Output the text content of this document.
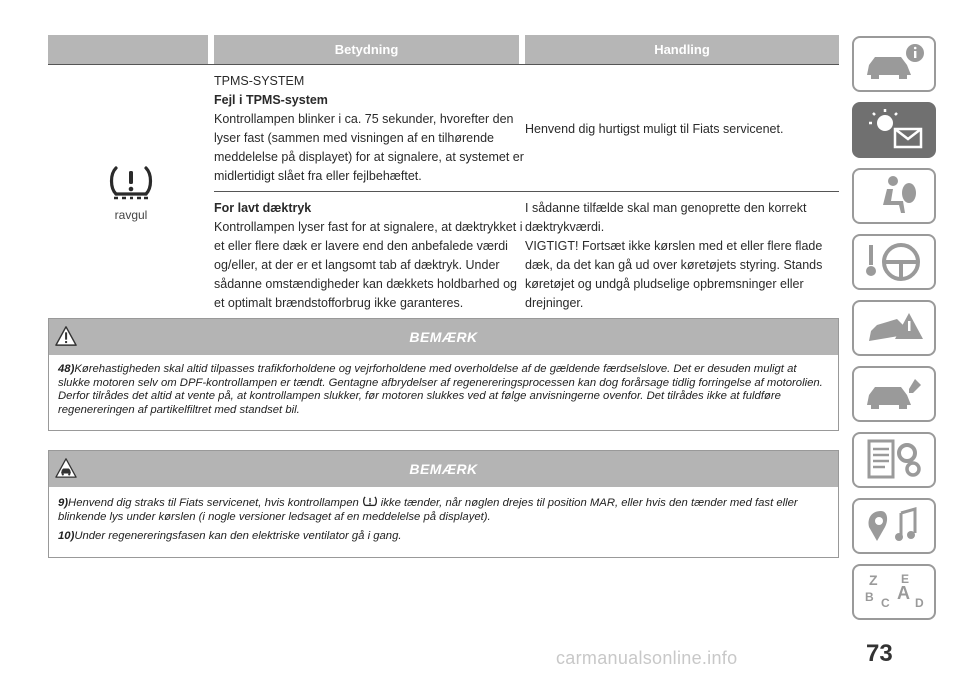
Betydning	Handling
ravgul
TPMS-SYSTEM
Fejl i TPMS-system
Kontrollampen blinker i ca. 75 sekunder, hvorefter den lyser fast (sammen med visningen af en tilhørende meddelelse på displayet) for at signalere, at systemet er midlertidigt slået fra eller fejlbehæftet.
Henvend dig hurtigst muligt til Fiats servicenet.
For lavt dæktryk
Kontrollampen lyser fast for at signalere, at dæktrykket i et eller flere dæk er lavere end den anbefalede værdi og/eller, at der er et langsomt tab af dæktryk. Under sådanne omstændigheder kan dækkets holdbarhed og et optimalt brændstofforbrug ikke garanteres.
I sådanne tilfælde skal man genoprette den korrekt dæktrykværdi.
VIGTIGT! Fortsæt ikke kørslen med et eller flere flade dæk, da det kan gå ud over køretøjets styring. Stands køretøjet og undgå pludselige opbremsninger eller drejninger.
BEMÆRK

48)Kørehastigheden skal altid tilpasses trafikforholdene og vejrforholdene med overholdelse af de gældende færdselslove. Det er desuden muligt at slukke motoren selv om DPF-kontrollampen er tændt. Gentagne afbrydelser af regenereringsprocessen kan dog forårsage tidlig forringelse af motorolien. Derfor tilrådes det altid at vente på, at kontrollampen slukker, før motoren slukkes ved at følge anvisningerne ovenfor. Det tilrådes ikke at fuldføre regenereringen af partikelfiltret med standset bil.

BEMÆRK

9)Henvend dig straks til Fiats servicenet, hvis kontrollampen ikke tænder, når nøglen drejes til position MAR, eller hvis den tænder med fast eller blinkende lys under kørslen (i nogle versioner ledsaget af en meddelelse på displayet).

10)Under regenereringsfasen kan den elektriske ventilator gå i gang.

Z E
B C A D
73
carmanualsonline.info
